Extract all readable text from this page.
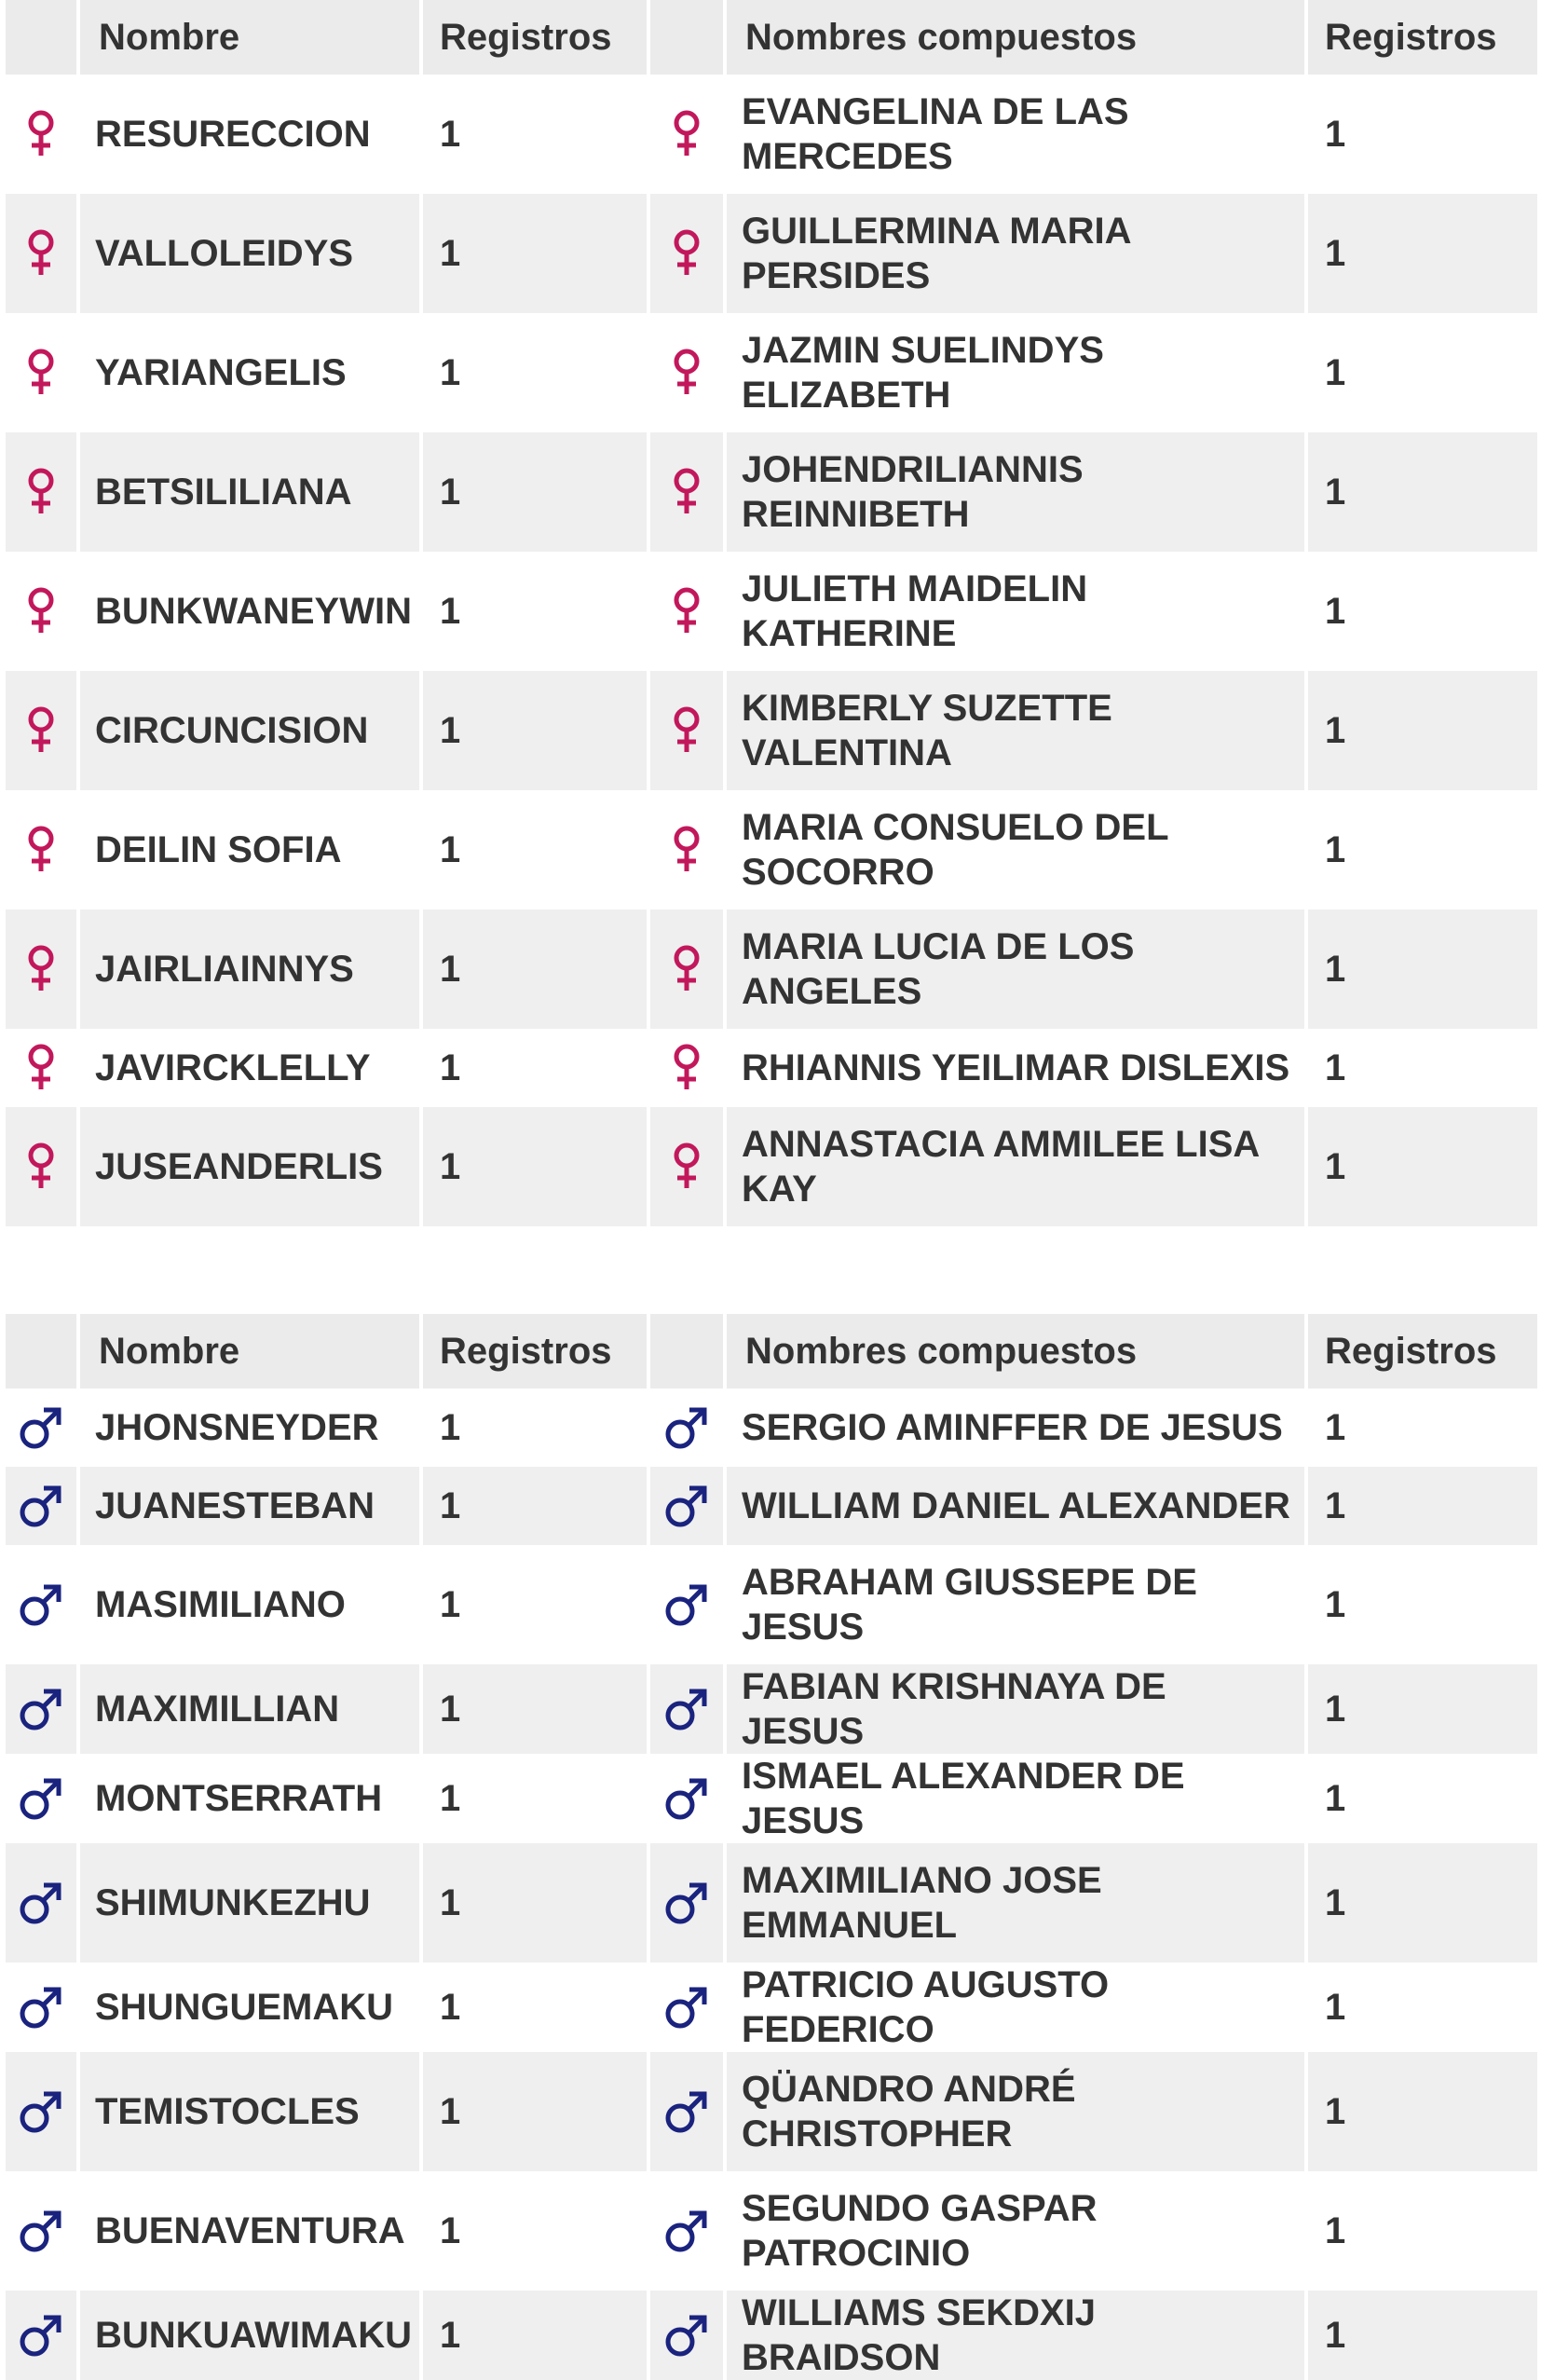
	Nombre	Registros		Nombres compuestos	Registros

	RESURECCION	1		EVANGELINA DE LAS MERCEDES	1

	VALLOLEIDYS	1		GUILLERMINA MARIA PERSIDES	1

	YARIANGELIS	1		JAZMIN SUELINDYS ELIZABETH	1

	BETSILILIANA	1		JOHENDRILIANNIS REINNIBETH	1

	BUNKWANEYWIN	1		JULIETH MAIDELIN KATHERINE	1

	CIRCUNCISION	1		KIMBERLY SUZETTE VALENTINA	1

	DEILIN SOFIA	1		MARIA CONSUELO DEL SOCORRO	1

	JAIRLIAINNYS	1		MARIA LUCIA DE LOS ANGELES	1

	JAVIRCKLELLY	1		RHIANNIS YEILIMAR DISLEXIS	1

	JUSEANDERLIS	1		ANNASTACIA AMMILEE LISA KAY	1
	Nombre	Registros		Nombres compuestos	Registros

	JHONSNEYDER	1		SERGIO AMINFFER DE JESUS	1

	JUANESTEBAN	1		WILLIAM DANIEL ALEXANDER	1

	MASIMILIANO	1		ABRAHAM GIUSSEPE DE JESUS	1

	MAXIMILLIAN	1		FABIAN KRISHNAYA DE JESUS	1

	MONTSERRATH	1		ISMAEL ALEXANDER DE JESUS	1

	SHIMUNKEZHU	1		MAXIMILIANO JOSE EMMANUEL	1

	SHUNGUEMAKU	1		PATRICIO AUGUSTO FEDERICO	1

	TEMISTOCLES	1		QÜANDRO ANDRÉ CHRISTOPHER	1

	BUENAVENTURA	1		SEGUNDO GASPAR PATROCINIO	1

	BUNKUAWIMAKU	1		WILLIAMS SEKDXIJ BRAIDSON	1
